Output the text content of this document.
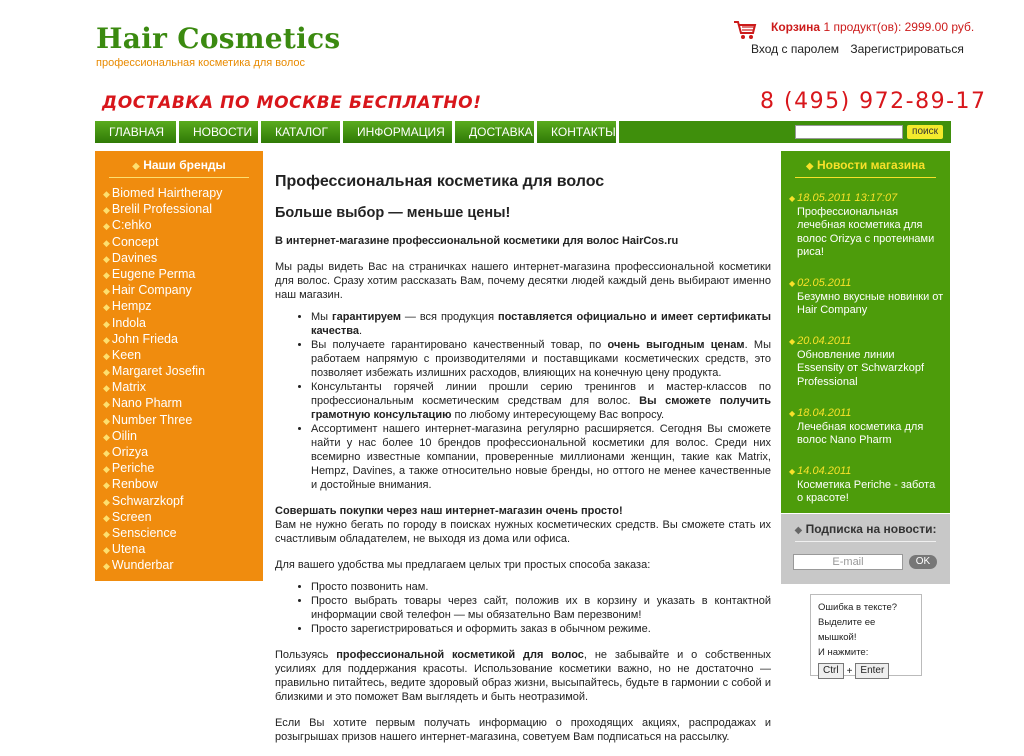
Hair Cosmetics
профессиональная косметика для волос
Корзина 1 продукт(ов): 2999.00 руб.
Вход с паролем Зарегистрироваться
ДОСТАВКА ПО МОСКВЕ БЕСПЛАТНО!	8 (495) 972-89-17
ГЛАВНАЯ	НОВОСТИ	КАТАЛОГ	ИНФОРМАЦИЯ	ДОСТАВКА	КОНТАКТЫ	поиск
◆ Наши бренды
◆ Biomed Hairtherapy
◆ Brelil Professional
◆ C:ehko
◆ Concept
◆ Davines
◆ Eugene Perma
◆ Hair Company
◆ Hempz
◆ Indola
◆ John Frieda
◆ Keen
◆ Margaret Josefin
◆ Matrix
◆ Nano Pharm
◆ Number Three
◆ Oilin
◆ Orizya
◆ Periche
◆ Renbow
◆ Schwarzkopf
◆ Screen
◆ Senscience
◆ Utena
◆ Wunderbar
Профессиональная косметика для волос
Больше выбор — меньше цены!

В интернет-магазине профессиональной косметики для волос HairCos.ru

Мы рады видеть Вас на страничках нашего интернет-магазина профессиональной косметики для волос. Сразу хотим рассказать Вам, почему десятки людей каждый день выбирают именно наш магазин.

• Мы гарантируем — вся продукция поставляется официально и имеет сертификаты качества.
• Вы получаете гарантировано качественный товар, по очень выгодным ценам. Мы работаем напрямую с производителями и поставщиками косметических средств, это позволяет избежать излишних расходов, влияющих на конечную цену продукта.
• Консультанты горячей линии прошли серию тренингов и мастер-классов по профессиональным косметическим средствам для волос. Вы сможете получить грамотную консультацию по любому интересующему Вас вопросу.
• Ассортимент нашего интернет-магазина регулярно расширяется. Сегодня Вы сможете найти у нас более 10 брендов профессиональной косметики для волос. Среди них всемирно известные компании, проверенные миллионами женщин, такие как Matrix, Hempz, Davines, а также относительно новые бренды, но оттого не менее качественные и достойные внимания.

Совершать покупки через наш интернет-магазин очень просто!
Вам не нужно бегать по городу в поисках нужных косметических средств. Вы сможете стать их счастливым обладателем, не выходя из дома или офиса.

Для вашего удобства мы предлагаем целых три простых способа заказа:

• Просто позвонить нам.
• Просто выбрать товары через сайт, положив их в корзину и указать в контактной информации свой телефон — мы обязательно Вам перезвоним!
• Просто зарегистрироваться и оформить заказ в обычном режиме.

Пользуясь профессиональной косметикой для волос, не забывайте и о собственных усилиях для поддержания красоты. Использование косметики важно, но не достаточно — правильно питайтесь, ведите здоровый образ жизни, высыпайтесь, будьте в гармонии с собой и близкими и это поможет Вам выглядеть и быть неотразимой.

Если Вы хотите первым получать информацию о проходящих акциях, распродажах и розыгрышах призов нашего интернет-магазина, советуем Вам подписаться на рассылку.

◆ Новости магазина
◆ 18.05.2011 13:17:07
Профессиональная лечебная косметика для волос Orizya с протеинами риса!
◆ 02.05.2011
Безумно вкусные новинки от Hair Company
◆ 20.04.2011
Обновление линии Essensity от Schwarzkopf Professional
◆ 18.04.2011
Лечебная косметика для волос Nano Pharm
◆ 14.04.2011
Косметика Periche - забота о красоте!
◆ Подписка на новости:
E-mail	OK
Ошибка в тексте?
Выделите ее мышкой!
И нажмите:
Ctrl + Enter
